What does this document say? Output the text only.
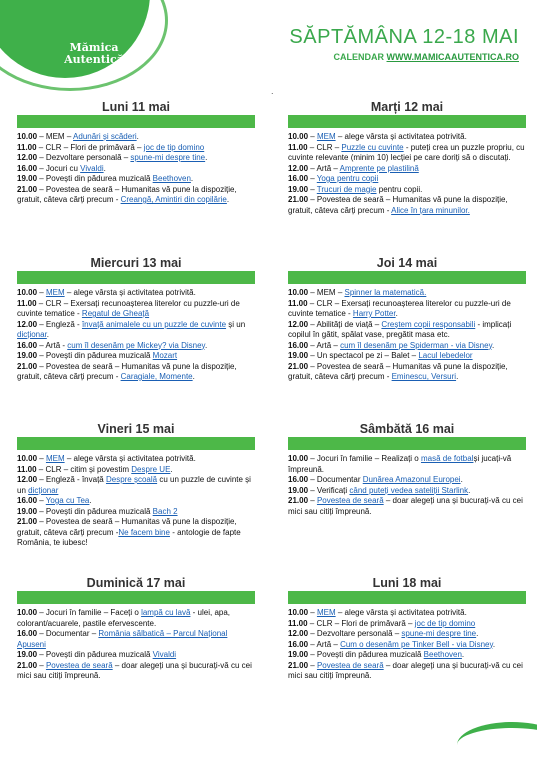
Mămica
Autentică
SĂPTĂMÂNA 12-18 MAI
CALENDAR WWW.MAMICAAUTENTICA.RO
.
Luni 11 mai
10.00 – MEM – Adunări și scăderi.
11.00 – CLR – Flori de primăvară – joc de tip domino
12.00 – Dezvoltare personală – spune-mi despre tine.
16.00 – Jocuri cu Vivaldi.
19.00 – Povești din pădurea muzicală Beethoven.
21.00 – Povestea de seară – Humanitas vă pune la dispoziție, gratuit, câteva cărți precum - Creangă, Amintiri din copilărie.
Marți 12 mai
10.00 – MEM – alege vârsta și activitatea potrivită.
11.00 – CLR – Puzzle cu cuvinte - puteți crea un puzzle propriu, cu cuvinte relevante (minim 10) lecției pe care doriți să o discutați.
12.00 – Artă – Amprente pe plastilină
16.00 – Yoga pentru copii
19.00 – Trucuri de magie pentru copii.
21.00 – Povestea de seară – Humanitas vă pune la dispoziție, gratuit, câteva cărți precum - Alice în țara minunilor.
Miercuri 13 mai
10.00 – MEM – alege vârsta și activitatea potrivită.
11.00 – CLR – Exersați recunoașterea literelor cu puzzle-uri de cuvinte tematice - Regatul de Gheață
12.00 – Engleză - învață animalele cu un puzzle de cuvinte și un dicționar.
16.00 – Artă - cum îl desenăm pe Mickey? via Disney.
19.00 – Povești din pădurea muzicală Mozart
21.00 – Povestea de seară – Humanitas vă pune la dispoziție, gratuit, câteva cărți precum - Caragiale, Momente.
Joi 14 mai
10.00 – MEM – Spinner la matematică.
11.00 – CLR – Exersați recunoașterea literelor cu puzzle-uri de cuvinte tematice - Harry Potter.
12.00 – Abilități de viață – Creștem copii responsabili - implicați copilul în gătit, spălat vase, pregătit masa etc.
16.00 – Artă – cum îl desenăm pe Spiderman - via Disney.
19.00 – Un spectacol pe zi – Balet – Lacul lebedelor
21.00 – Povestea de seară – Humanitas vă pune la dispoziție, gratuit, câteva cărți precum - Eminescu, Versuri.
Vineri 15 mai
10.00 – MEM – alege vârsta și activitatea potrivită.
11.00 – CLR – citim și povestim Despre UE.
12.00 – Engleză - învață Despre școală cu un puzzle de cuvinte și un dicționar
16.00 – Yoga cu Tea.
19.00 – Povești din pădurea muzicală Bach 2
21.00 – Povestea de seară – Humanitas vă pune la dispoziție, gratuit, câteva cărți precum -Ne facem bine - antologie de fapte România, te iubesc!
Sâmbătă 16 mai
10.00 – Jocuri în familie – Realizați o masă de fotbalși jucați-vă împreună.
16.00 – Documentar Dunărea Amazonul Europei.
19.00 – Verificați când puteți vedea sateliții Starlink.
21.00 – Povestea de seară – doar alegeți una și bucurați-vă cu cei mici sau citiți împreună.
Duminică 17 mai
10.00 – Jocuri în familie – Faceți o lampă cu lavă - ulei, apa, colorant/acuarele, pastile efervescente.
16.00 – Documentar – România sălbatică – Parcul Național Apuseni
19.00 – Povești din pădurea muzicală Vivaldi
21.00 – Povestea de seară – doar alegeți una și bucurați-vă cu cei mici sau citiți împreună.
Luni 18 mai
10.00 – MEM – alege vârsta și activitatea potrivită.
11.00 – CLR – Flori de primăvară – joc de tip domino
12.00 – Dezvoltare personală – spune-mi despre tine.
16.00 – Artă – Cum o desenăm pe Tinker Bell - via Disney.
19.00 – Povești din pădurea muzicală Beethoven.
21.00 – Povestea de seară – doar alegeți una și bucurați-vă cu cei mici sau citiți împreună.
